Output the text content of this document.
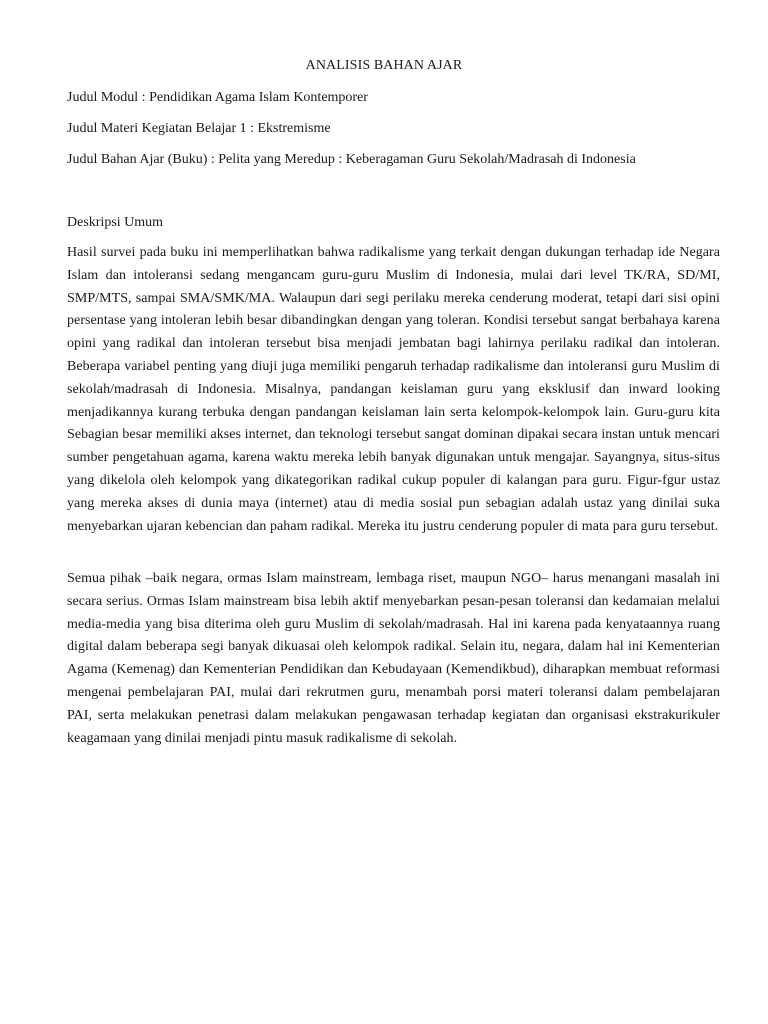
ANALISIS BAHAN AJAR
Judul Modul : Pendidikan Agama Islam Kontemporer
Judul Materi Kegiatan Belajar 1 : Ekstremisme
Judul Bahan Ajar (Buku) : Pelita yang Meredup : Keberagaman Guru Sekolah/Madrasah di Indonesia
Deskripsi Umum

Hasil survei pada buku ini memperlihatkan bahwa radikalisme yang terkait dengan dukungan terhadap ide Negara Islam dan intoleransi sedang mengancam guru-guru Muslim di Indonesia, mulai dari level TK/RA, SD/MI, SMP/MTS, sampai SMA/SMK/MA. Walaupun dari segi perilaku mereka cenderung moderat, tetapi dari sisi opini persentase yang intoleran lebih besar dibandingkan dengan yang toleran. Kondisi tersebut sangat berbahaya karena opini yang radikal dan intoleran tersebut bisa menjadi jembatan bagi lahirnya perilaku radikal dan intoleran. Beberapa variabel penting yang diuji juga memiliki pengaruh terhadap radikalisme dan intoleransi guru Muslim di sekolah/madrasah di Indonesia. Misalnya, pandangan keislaman guru yang eksklusif dan inward looking menjadikannya kurang terbuka dengan pandangan keislaman lain serta kelompok-kelompok lain. Guru-guru kita Sebagian besar memiliki akses internet, dan teknologi tersebut sangat dominan dipakai secara instan untuk mencari sumber pengetahuan agama, karena waktu mereka lebih banyak digunakan untuk mengajar. Sayangnya, situs-situs yang dikelola oleh kelompok yang dikategorikan radikal cukup populer di kalangan para guru. Figur-fgur ustaz yang mereka akses di dunia maya (internet) atau di media sosial pun sebagian adalah ustaz yang dinilai suka menyebarkan ujaran kebencian dan paham radikal. Mereka itu justru cenderung populer di mata para guru tersebut.

Semua pihak –baik negara, ormas Islam mainstream, lembaga riset, maupun NGO– harus menangani masalah ini secara serius. Ormas Islam mainstream bisa lebih aktif menyebarkan pesan-pesan toleransi dan kedamaian melalui media-media yang bisa diterima oleh guru Muslim di sekolah/madrasah. Hal ini karena pada kenyataannya ruang digital dalam beberapa segi banyak dikuasai oleh kelompok radikal. Selain itu, negara, dalam hal ini Kementerian Agama (Kemenag) dan Kementerian Pendidikan dan Kebudayaan (Kemendikbud), diharapkan membuat reformasi mengenai pembelajaran PAI, mulai dari rekrutmen guru, menambah porsi materi toleransi dalam pembelajaran PAI, serta melakukan penetrasi dalam melakukan pengawasan terhadap kegiatan dan organisasi ekstrakurikuler keagamaan yang dinilai menjadi pintu masuk radikalisme di sekolah.
